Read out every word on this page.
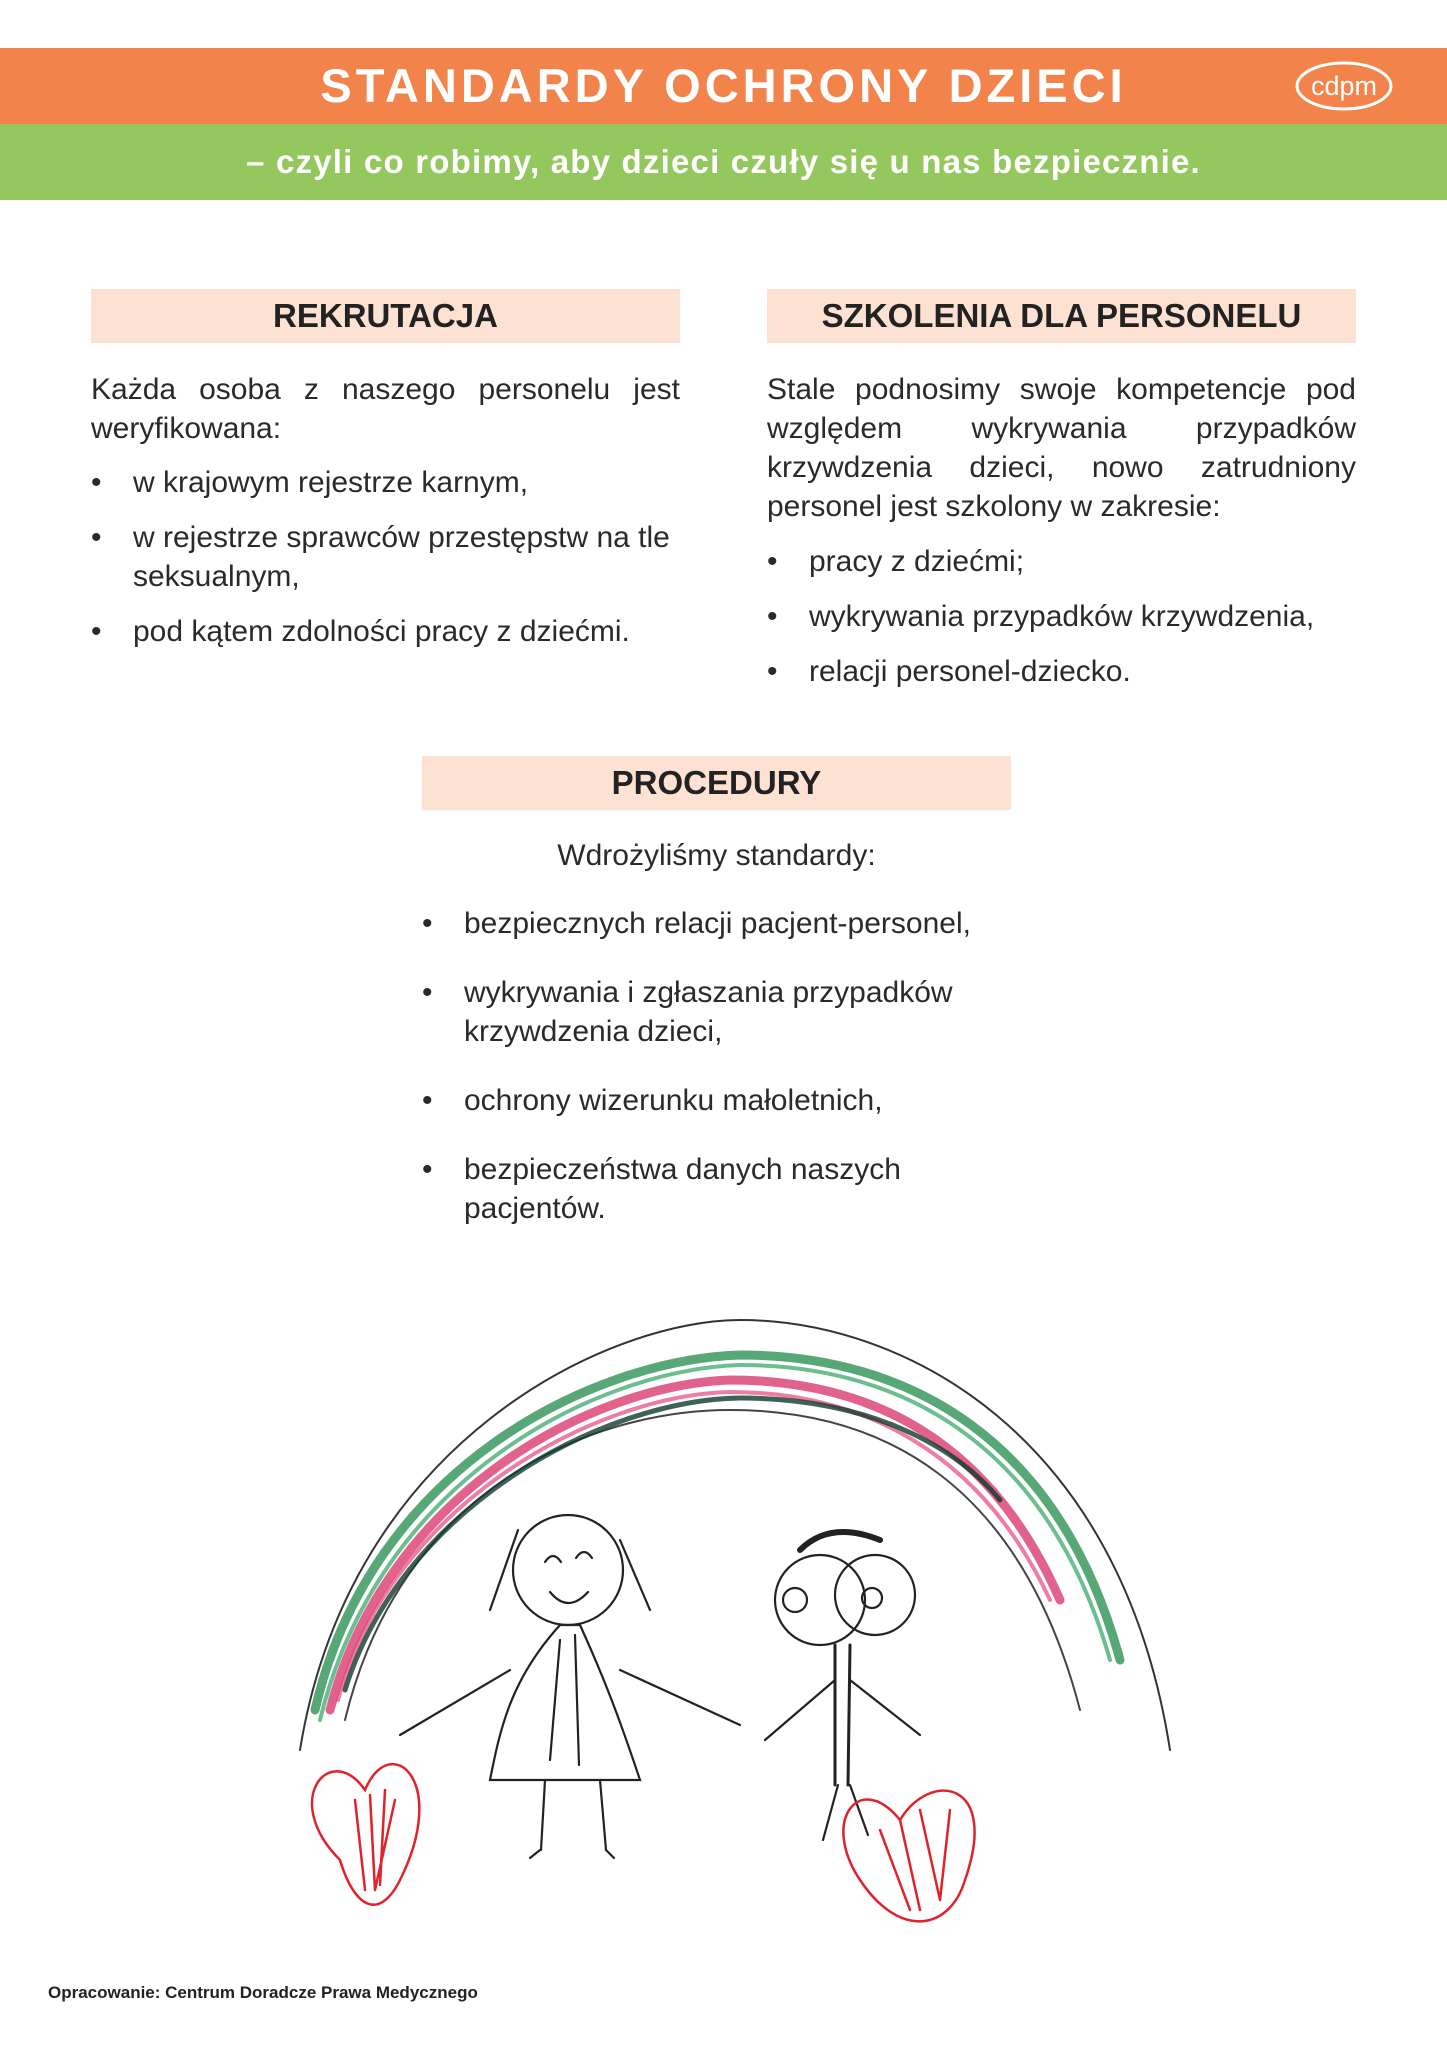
STANDARDY OCHRONY DZIECI
– czyli co robimy, aby dzieci czuły się u nas bezpiecznie.
cdpm
REKRUTACJA

Każda osoba z naszego personelu jest weryfikowana:

•	w krajowym rejestrze karnym,
•	w rejestrze sprawców przestępstw na tle seksualnym,
•	pod kątem zdolności pracy z dziećmi.
SZKOLENIA DLA PERSONELU

Stale podnosimy swoje kompetencje pod względem wykrywania przypadków krzywdzenia dzieci, nowo zatrudniony personel jest szkolony w zakresie:

•	pracy z dziećmi;
•	wykrywania przypadków krzywdzenia,
•	relacji personel-dziecko.
PROCEDURY
Wdrożyliśmy standardy:
•	bezpiecznych relacji pacjent-personel,
•	wykrywania i zgłaszania przypadków krzywdzenia dzieci,
•	ochrony wizerunku małoletnich,
•	bezpieczeństwa danych naszych pacjentów.
Opracowanie: Centrum Doradcze Prawa Medycznego
